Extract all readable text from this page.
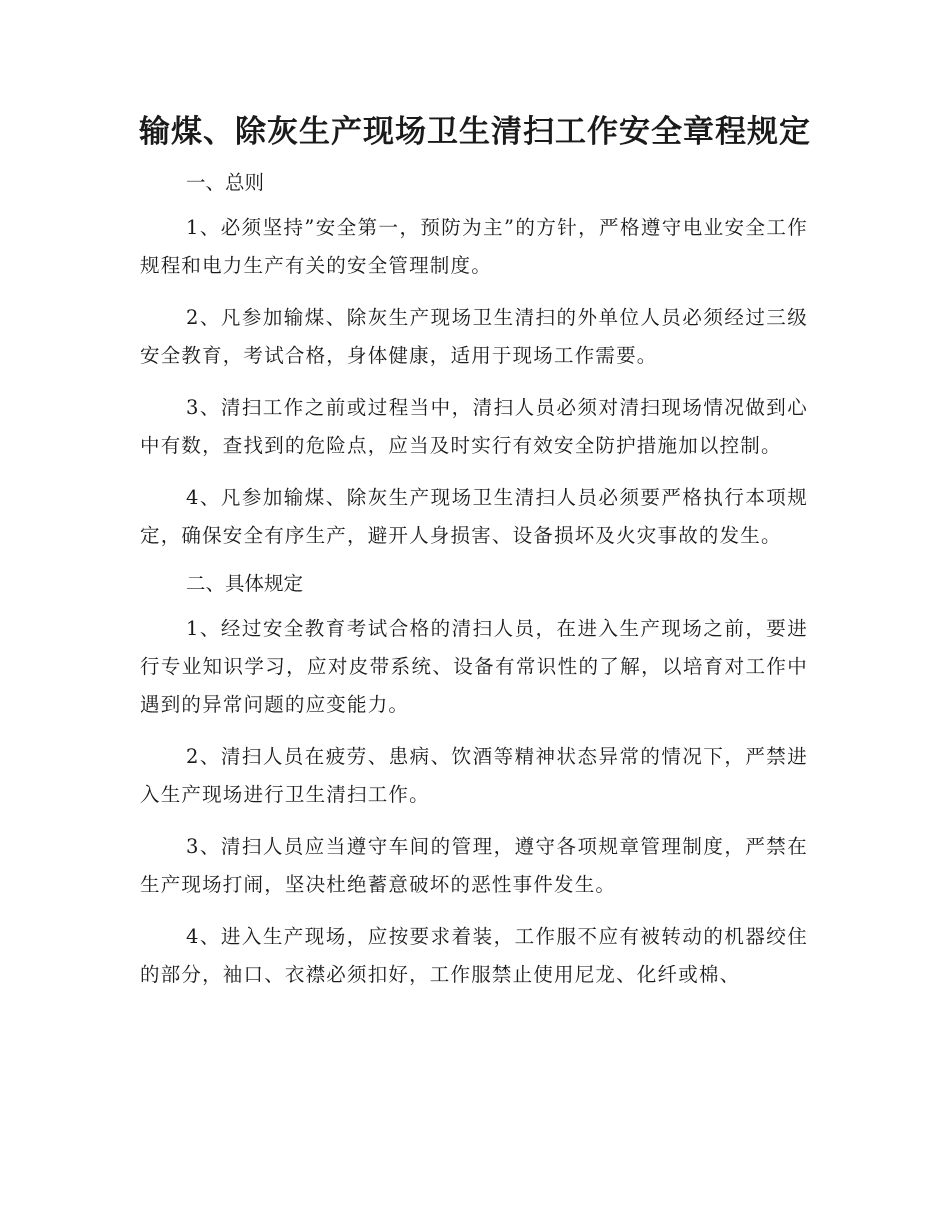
输煤、除灰生产现场卫生清扫工作安全章程规定

一、总则

1、必须坚持”安全第一，预防为主”的方针，严格遵守电业安全工作规程和电力生产有关的安全管理制度。

2、凡参加输煤、除灰生产现场卫生清扫的外单位人员必须经过三级安全教育，考试合格，身体健康，适用于现场工作需要。

3、清扫工作之前或过程当中，清扫人员必须对清扫现场情况做到心中有数，查找到的危险点，应当及时实行有效安全防护措施加以控制。

4、凡参加输煤、除灰生产现场卫生清扫人员必须要严格执行本项规定，确保安全有序生产，避开人身损害、设备损坏及火灾事故的发生。

二、具体规定

1、经过安全教育考试合格的清扫人员，在进入生产现场之前，要进行专业知识学习，应对皮带系统、设备有常识性的了解，以培育对工作中遇到的异常问题的应变能力。

2、清扫人员在疲劳、患病、饮酒等精神状态异常的情况下，严禁进入生产现场进行卫生清扫工作。

3、清扫人员应当遵守车间的管理，遵守各项规章管理制度，严禁在生产现场打闹，坚决杜绝蓄意破坏的恶性事件发生。

4、进入生产现场，应按要求着装，工作服不应有被转动的机器绞住的部分，袖口、衣襟必须扣好，工作服禁止使用尼龙、化纤或棉、
